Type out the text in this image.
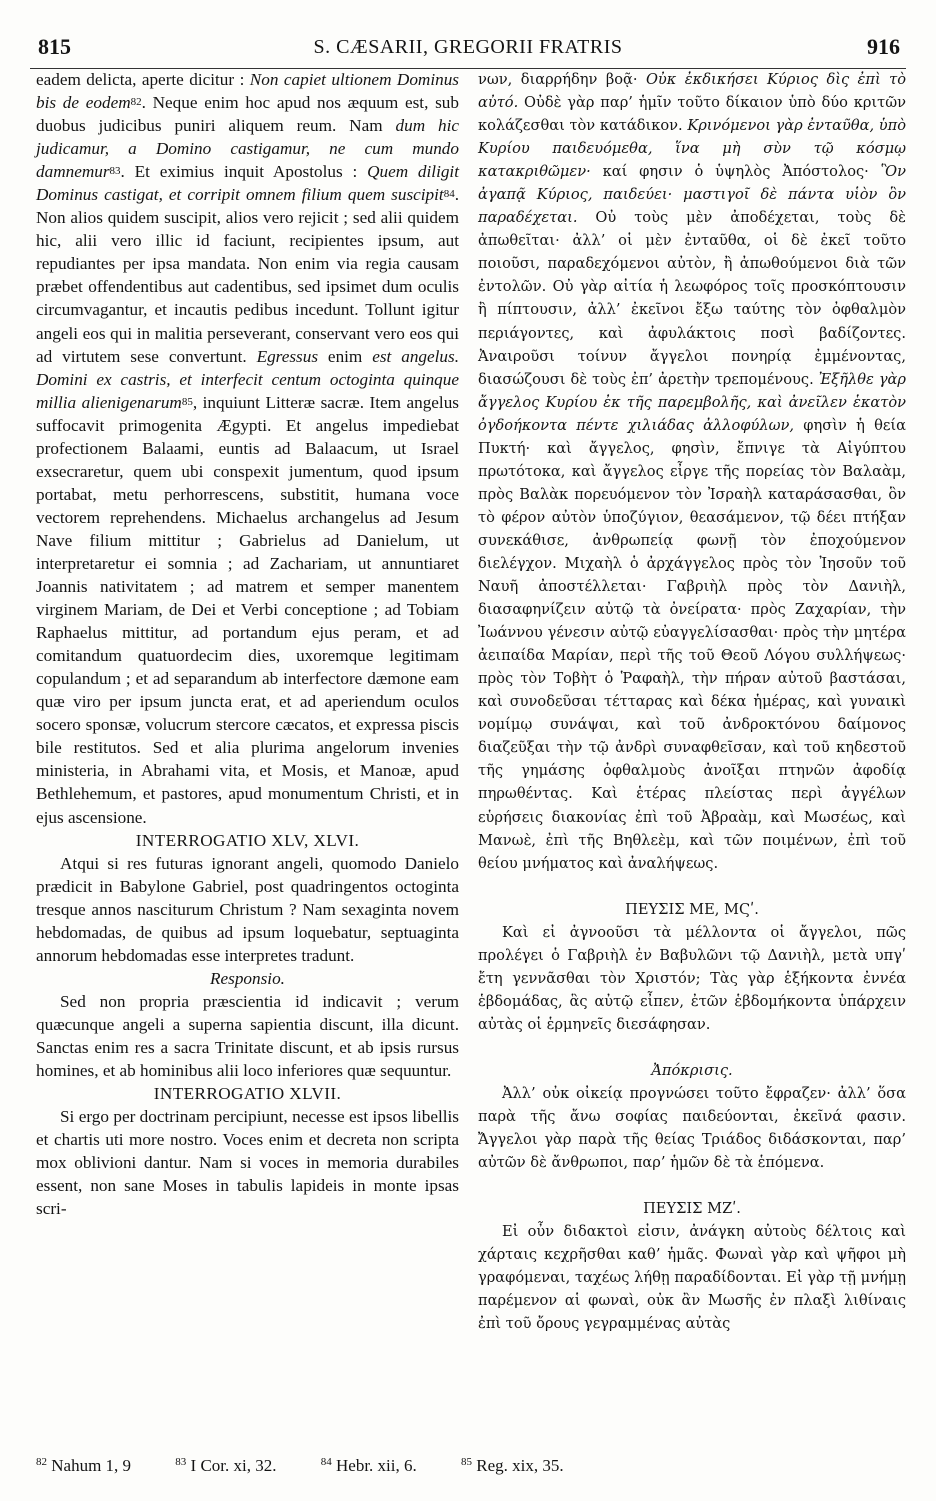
815	S. CÆSARII, GREGORII FRATRIS	916

eadem delicta, aperte dicitur : Non capiet ultionem Dominus bis de eodem$^{82}$. Neque enim hoc apud nos æquum est, sub duobus judicibus puniri aliquem reum. Nam dum hic judicamur, a Domino castigamur, ne cum mundo damnemur$^{83}$. Et eximius inquit Apostolus : Quem diligit Dominus castigat, et corripit omnem filium quem suscipit$^{84}$. Non alios quidem suscipit, alios vero rejicit ; sed alii quidem hic, alii vero illic id faciunt, recipientes ipsum, aut repudiantes per ipsa mandata. Non enim via regia causam præbet offendentibus aut cadentibus, sed ipsimet dum oculis circumvagantur, et incautis pedibus incedunt. Tollunt igitur angeli eos qui in malitia perseverant, conservant vero eos qui ad virtutem sese convertunt. Egressus enim est angelus. Domini ex castris, et interfecit centum octoginta quinque millia alienigenarum$^{85}$, inquiunt Litteræ sacræ. Item angelus suffocavit primogenita Ægypti. Et angelus impediebat profectionem Balaami, euntis ad Balaacum, ut Israel exsecraretur, quem ubi conspexit jumentum, quod ipsum portabat, metu perhorrescens, substitit, humana voce vectorem reprehendens. Michaelus archangelus ad Jesum Nave filium mittitur ; Gabrielus ad Danielum, ut interpretaretur ei somnia ; ad Zachariam, ut annuntiaret Joannis nativitatem ; ad matrem et semper manentem virginem Mariam, de Dei et Verbi conceptione ; ad Tobiam Raphaelus mittitur, ad portandum ejus peram, et ad comitandum quatuordecim dies, uxoremque legitimam copulandum ; et ad separandum ab interfectore dæmone eam quæ viro per ipsum juncta erat, et ad aperiendum oculos socero sponsæ, volucrum stercore cæcatos, et expressa piscis bile restitutos. Sed et alia plurima angelorum invenies ministeria, in Abrahami vita, et Mosis, et Manoæ, apud Bethlehemum, et pastores, apud monumentum Christi, et in ejus ascensione.

INTERROGATIO XLV, XLVI.

Atqui si res futuras ignorant angeli, quomodo Danielo prædicit in Babylone Gabriel, post quadringentos octoginta tresque annos nasciturum Christum ? Nam sexaginta novem hebdomadas, de quibus ad ipsum loquebatur, septuaginta annorum hebdomadas esse interpretes tradunt.

Responsio.

Sed non propria præscientia id indicavit ; verum quæcunque angeli a superna sapientia discunt, illa dicunt. Sanctas enim res a sacra Trinitate discunt, et ab ipsis rursus homines, et ab hominibus alii loco inferiores quæ sequuntur.

INTERROGATIO XLVII.

Si ergo per doctrinam percipiunt, necesse est ipsos libellis et chartis uti more nostro. Voces enim et decreta non scripta mox oblivioni dantur. Nam si voces in memoria durabiles essent, non sane Moses in tabulis lapideis in monte ipsas scri-

νων, διαρρήδην βοᾷ· Οὐκ ἐκδικήσει Κύριος δὶς ἐπὶ τὸ αὐτό. Οὐδὲ γὰρ παρ’ ἡμῖν τοῦτο δίκαιον ὑπὸ δύο κριτῶν κολάζεσθαι τὸν κατάδικον. Κρινόμενοι γὰρ ἐνταῦθα, ὑπὸ Κυρίου παιδευόμεθα, ἵνα μὴ σὺν τῷ κόσμῳ κατακριθῶμεν· καί φησιν ὁ ὑψηλὸς Ἀπόστολος· Ὃν ἀγαπᾷ Κύριος, παιδεύει· μαστιγοῖ δὲ πάντα υἱὸν ὃν παραδέχεται. Οὐ τοὺς μὲν ἀποδέχεται, τοὺς δὲ ἀπωθεῖται· ἀλλ’ οἱ μὲν ἐνταῦθα, οἱ δὲ ἐκεῖ τοῦτο ποιοῦσι, παραδεχόμενοι αὐτὸν, ἢ ἀπωθούμενοι διὰ τῶν ἐντολῶν. Οὐ γὰρ αἰτία ἡ λεωφόρος τοῖς προσκόπτουσιν ἢ πίπτουσιν, ἀλλ’ ἐκεῖνοι ἔξω ταύτης τὸν ὀφθαλμὸν περιάγοντες, καὶ ἀφυλάκτοις ποσὶ βαδίζοντες. Ἀναιροῦσι τοίνυν ἄγγελοι πονηρίᾳ ἐμμένοντας, διασώζουσι δὲ τοὺς ἐπ’ ἀρετὴν τρεπομένους. Ἐξῆλθε γὰρ ἄγγελος Κυρίου ἐκ τῆς παρεμβολῆς, καὶ ἀνεῖλεν ἑκατὸν ὀγδοήκοντα πέντε χιλιάδας ἀλλοφύλων, φησὶν ἡ θεία Πυκτή· καὶ ἄγγελος, φησὶν, ἔπνιγε τὰ Αἰγύπτου πρωτότοκα, καὶ ἄγγελος εἶργε τῆς πορείας τὸν Βαλαὰμ, πρὸς Βαλὰκ πορευόμενον τὸν Ἰσραὴλ καταράσασθαι, ὃν τὸ φέρον αὐτὸν ὑποζύγιον, θεασάμενον, τῷ δέει πτήξαν συνεκάθισε, ἀνθρωπείᾳ φωνῇ τὸν ἐποχούμενον διελέγχον. Μιχαὴλ ὁ ἀρχάγγελος πρὸς τὸν Ἰησοῦν τοῦ Ναυῆ ἀποστέλλεται· Γαβριὴλ πρὸς τὸν Δανιὴλ, διασαφηνίζειν αὐτῷ τὰ ὀνείρατα· πρὸς Ζαχαρίαν, τὴν Ἰωάννου γένεσιν αὐτῷ εὐαγγελίσασθαι· πρὸς τὴν μητέρα ἀειπαίδα Μαρίαν, περὶ τῆς τοῦ Θεοῦ Λόγου συλλήψεως· πρὸς τὸν Τοβὴτ ὁ Ῥαφαὴλ, τὴν πήραν αὐτοῦ βαστάσαι, καὶ συνοδεῦσαι τέτταρας καὶ δέκα ἡμέρας, καὶ γυναικὶ νομίμῳ συνάψαι, καὶ τοῦ ἀνδροκτόνου δαίμονος διαζεῦξαι τὴν τῷ ἀνδρὶ συναφθεῖσαν, καὶ τοῦ κηδεστοῦ τῆς γημάσης ὀφθαλμοὺς ἀνοῖξαι πτηνῶν ἀφοδίᾳ πηρωθέντας. Καὶ ἑτέρας πλείστας περὶ ἀγγέλων εὑρήσεις διακονίας ἐπὶ τοῦ Ἀβραὰμ, καὶ Μωσέως, καὶ Μανωὲ, ἐπὶ τῆς Βηθλεὲμ, καὶ τῶν ποιμένων, ἐπὶ τοῦ θείου μνήματος καὶ ἀναλήψεως.

ΠΕΥΣΙΣ ΜΕ, ΜϚʹ.

Καὶ εἰ ἀγνοοῦσι τὰ μέλλοντα οἱ ἄγγελοι, πῶς προλέγει ὁ Γαβριὴλ ἐν Βαβυλῶνι τῷ Δανιὴλ, μετὰ υπγʹ ἔτη γεννᾶσθαι τὸν Χριστόν; Τὰς γὰρ ἑξήκοντα ἐννέα ἑβδομάδας, ἃς αὐτῷ εἶπεν, ἐτῶν ἑβδομήκοντα ὑπάρχειν αὐτὰς οἱ ἑρμηνεῖς διεσάφησαν.

Ἀπόκρισις.

Ἀλλ’ οὐκ οἰκείᾳ προγνώσει τοῦτο ἔφραζεν· ἀλλ’ ὅσα παρὰ τῆς ἄνω σοφίας παιδεύονται, ἐκεῖνά φασιν. Ἄγγελοι γὰρ παρὰ τῆς θείας Τριάδος διδάσκονται, παρ’ αὐτῶν δὲ ἄνθρωποι, παρ’ ἡμῶν δὲ τὰ ἑπόμενα.

ΠΕΥΣΙΣ ΜΖʹ.

Εἰ οὖν διδακτοὶ εἰσιν, ἀνάγκη αὐτοὺς δέλτοις καὶ χάρταις κεχρῆσθαι καθ’ ἡμᾶς. Φωναὶ γὰρ καὶ ψῆφοι μὴ γραφόμεναι, ταχέως λήθῃ παραδίδονται. Εἰ γὰρ τῇ μνήμῃ παρέμενον αἱ φωναὶ, οὐκ ἂν Μωσῆς ἐν πλαξὶ λιθίναις ἐπὶ τοῦ ὄρους γεγραμμένας αὐτὰς

$^{82}$ Nahum 1, 9	$^{83}$ I Cor. xi, 32.	$^{84}$ Hebr. xii, 6.	$^{85}$ Reg. xix, 35.
